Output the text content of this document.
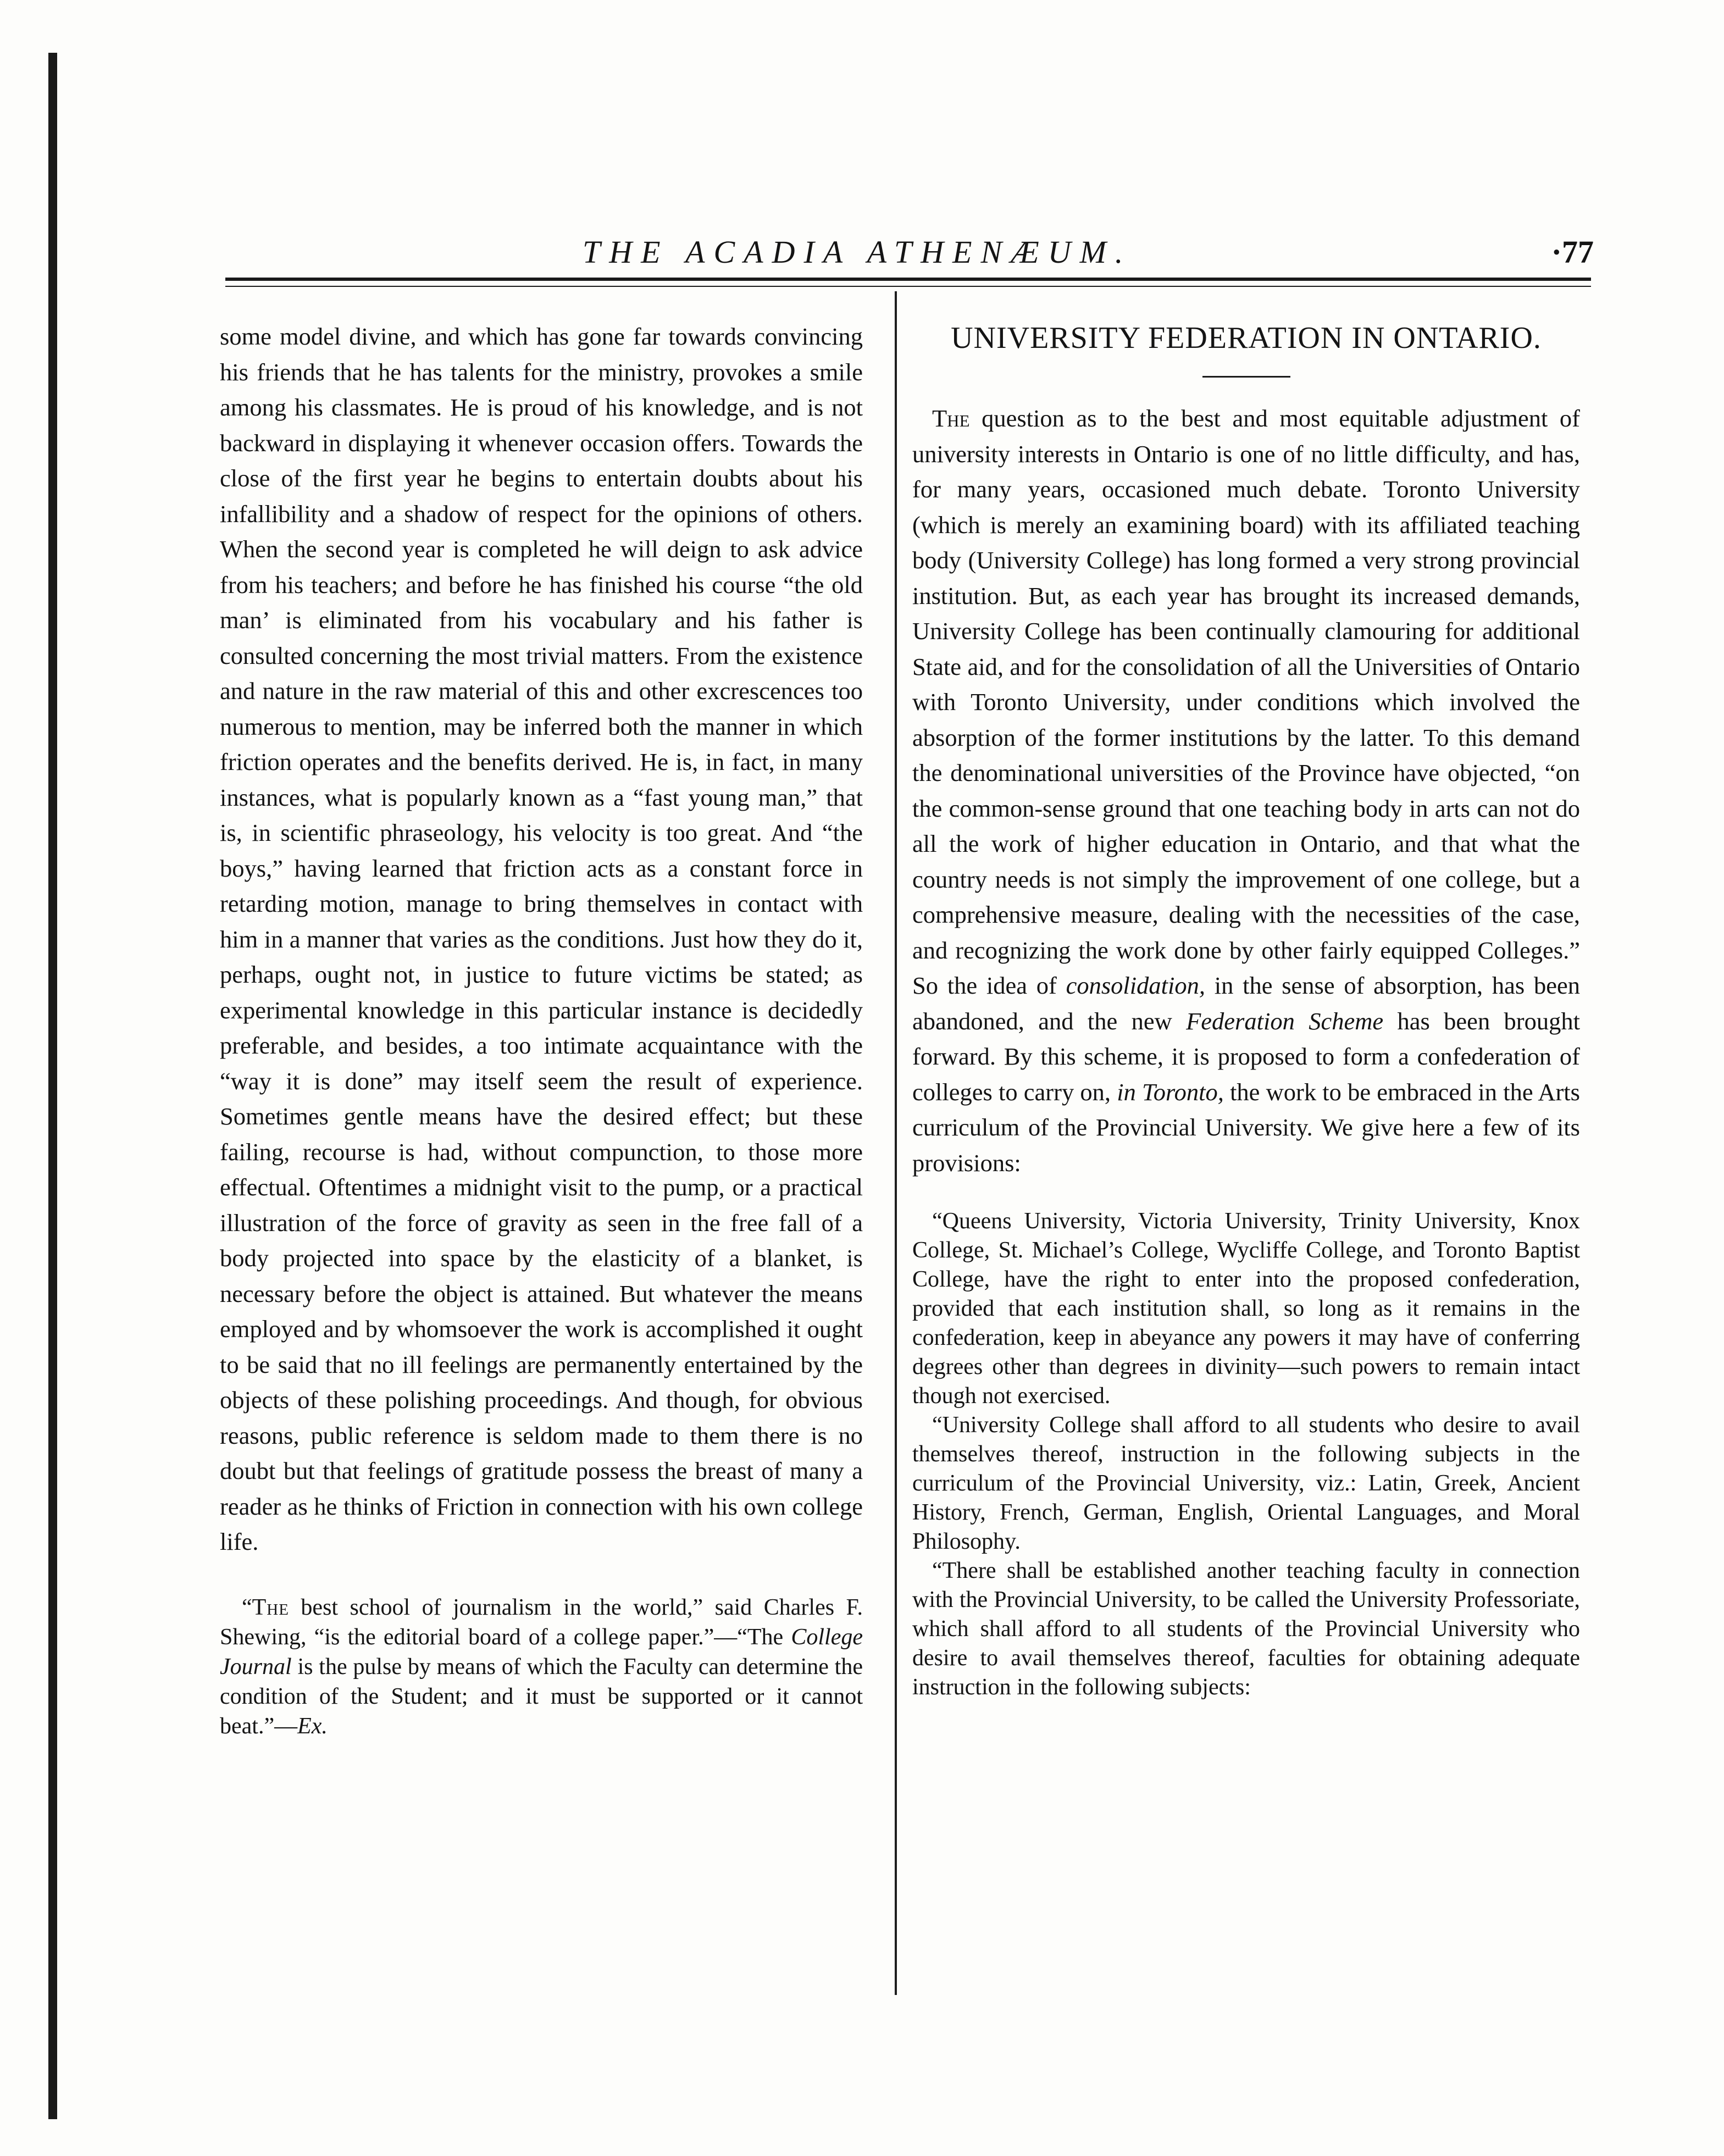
THE ACADIA ATHENÆUM.	·77

some model divine, and which has gone far towards convincing his friends that he has talents for the ministry, provokes a smile among his classmates. He is proud of his knowledge, and is not backward in displaying it whenever occasion offers. Towards the close of the first year he begins to entertain doubts about his infallibility and a shadow of respect for the opinions of others. When the second year is completed he will deign to ask advice from his teachers; and before he has finished his course “the old man’ is eliminated from his vocabulary and his father is consulted concerning the most trivial matters. From the existence and nature in the raw material of this and other excrescences too numerous to mention, may be inferred both the manner in which friction operates and the benefits derived. He is, in fact, in many instances, what is popularly known as a “fast young man,” that is, in scientific phraseology, his velocity is too great. And “the boys,” having learned that friction acts as a constant force in retarding motion, manage to bring themselves in contact with him in a manner that varies as the conditions. Just how they do it, perhaps, ought not, in justice to future victims be stated; as experimental knowledge in this particular instance is decidedly preferable, and besides, a too intimate acquaintance with the “way it is done” may itself seem the result of experience. Sometimes gentle means have the desired effect; but these failing, recourse is had, without compunction, to those more effectual. Oftentimes a midnight visit to the pump, or a practical illustration of the force of gravity as seen in the free fall of a body projected into space by the elasticity of a blanket, is necessary before the object is attained. But whatever the means employed and by whomsoever the work is accomplished it ought to be said that no ill feelings are permanently entertained by the objects of these polishing proceedings. And though, for obvious reasons, public reference is seldom made to them there is no doubt but that feelings of gratitude possess the breast of many a reader as he thinks of Friction in connection with his own college life.

“The best school of journalism in the world,” said Charles F. Shewing, “is the editorial board of a college paper.”—“The College Journal is the pulse by means of which the Faculty can determine the condition of the Student; and it must be supported or it cannot beat.”—Ex.

UNIVERSITY FEDERATION IN ONTARIO.

The question as to the best and most equitable adjustment of university interests in Ontario is one of no little difficulty, and has, for many years, occasioned much debate. Toronto University (which is merely an examining board) with its affiliated teaching body (University College) has long formed a very strong provincial institution. But, as each year has brought its increased demands, University College has been continually clamouring for additional State aid, and for the consolidation of all the Universities of Ontario with Toronto University, under conditions which involved the absorption of the former institutions by the latter. To this demand the denominational universities of the Province have objected, “on the common-sense ground that one teaching body in arts can not do all the work of higher education in Ontario, and that what the country needs is not simply the improvement of one college, but a comprehensive measure, dealing with the necessities of the case, and recognizing the work done by other fairly equipped Colleges.” So the idea of consolidation, in the sense of absorption, has been abandoned, and the new Federation Scheme has been brought forward. By this scheme, it is proposed to form a confederation of colleges to carry on, in Toronto, the work to be embraced in the Arts curriculum of the Provincial University. We give here a few of its provisions:

“Queens University, Victoria University, Trinity University, Knox College, St. Michael’s College, Wycliffe College, and Toronto Baptist College, have the right to enter into the proposed confederation, provided that each institution shall, so long as it remains in the confederation, keep in abeyance any powers it may have of conferring degrees other than degrees in divinity—such powers to remain intact though not exercised.

“University College shall afford to all students who desire to avail themselves thereof, instruction in the following subjects in the curriculum of the Provincial University, viz.: Latin, Greek, Ancient History, French, German, English, Oriental Languages, and Moral Philosophy.

“There shall be established another teaching faculty in connection with the Provincial University, to be called the University Professoriate, which shall afford to all students of the Provincial University who desire to avail themselves thereof, faculties for obtaining adequate instruction in the following subjects:
